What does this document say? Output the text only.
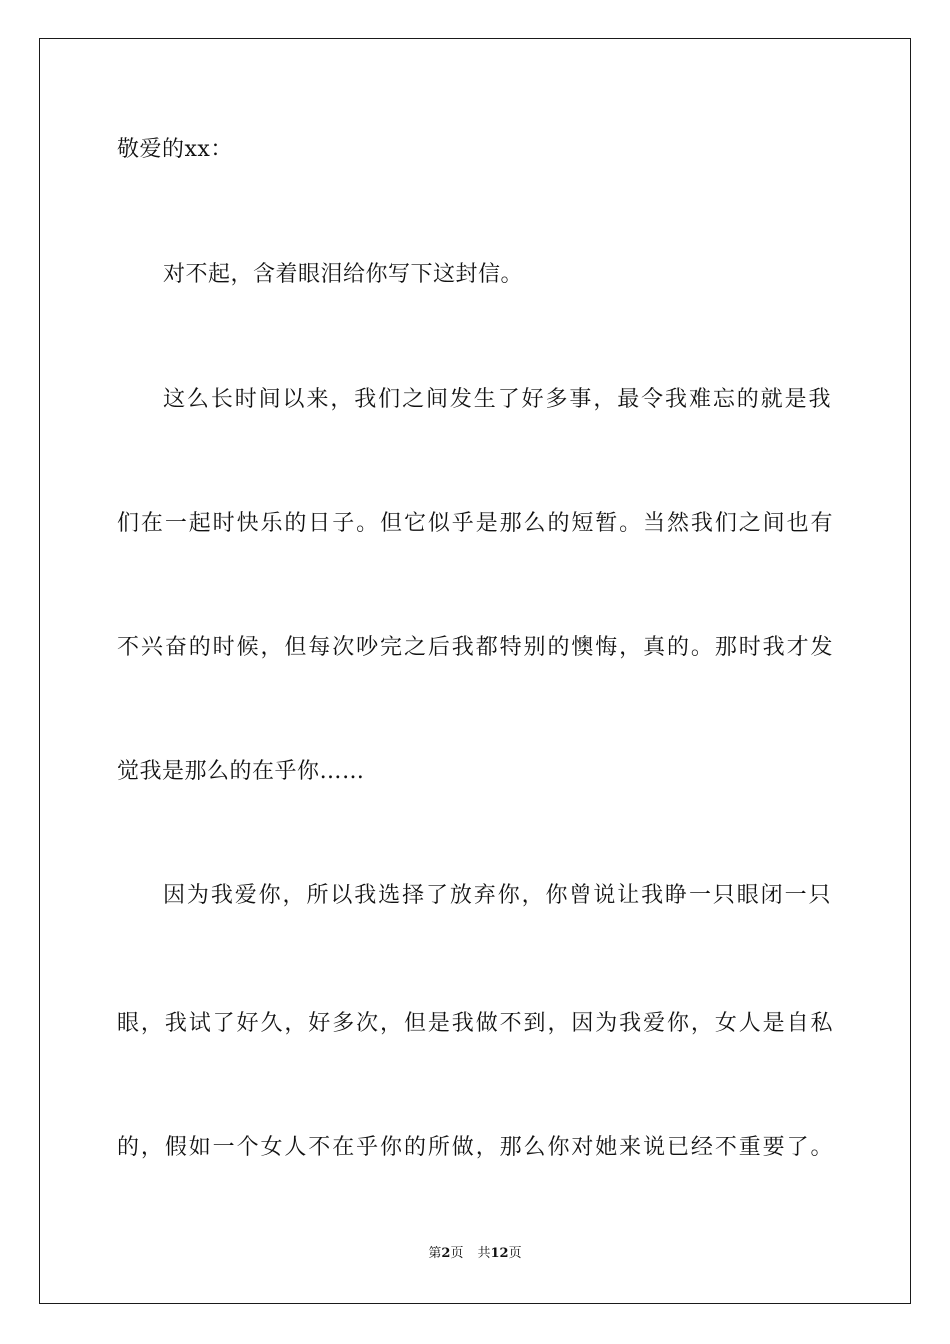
敬爱的xx：
对不起，含着眼泪给你写下这封信。
这么长时间以来，我们之间发生了好多事，最令我难忘的就是我
们在一起时快乐的日子。但它似乎是那么的短暂。当然我们之间也有
不兴奋的时候，但每次吵完之后我都特别的懊悔，真的。那时我才发
觉我是那么的在乎你……
因为我爱你，所以我选择了放弃你，你曾说让我睁一只眼闭一只
眼，我试了好久，好多次，但是我做不到，因为我爱你，女人是自私
的，假如一个女人不在乎你的所做，那么你对她来说已经不重要了。
第2页 共12页
